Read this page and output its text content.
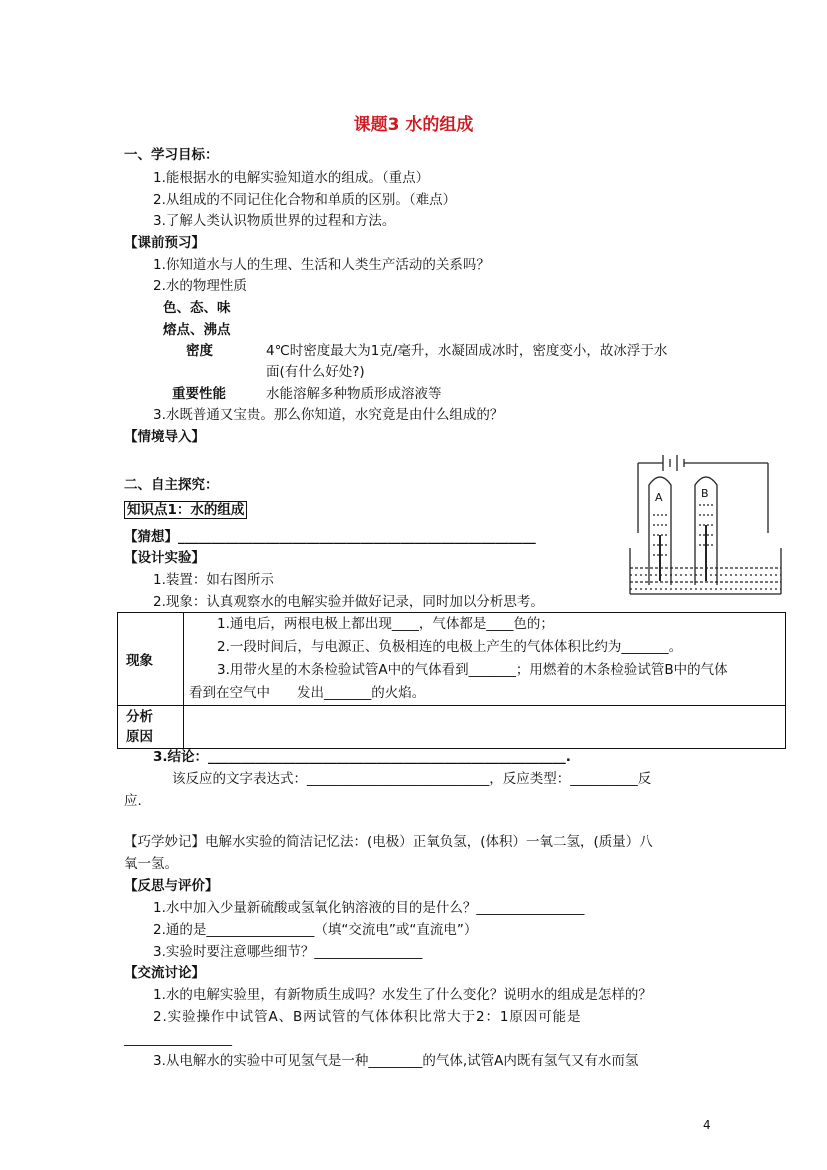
课题3 水的组成
一、学习目标：
1.能根据水的电解实验知道水的组成。（重点）
2.从组成的不同记住化合物和单质的区别。（难点）
3.了解人类认识物质世界的过程和方法。
【课前预习】
1.你知道水与人的生理、生活和人类生产活动的关系吗？
2.水的物理性质
色、态、味
熔点、沸点
密度	4℃时密度最大为1克/毫升，水凝固成冰时，密度变小，故冰浮于水
面(有什么好处?)
重要性能	水能溶解多种物质形成溶液等
3.水既普通又宝贵。那么你知道，水究竟是由什么组成的？
【情境导入】
A	B
二、自主探究：
知识点1：水的组成
【猜想】_____________________________________________________
【设计实验】
1.装置：如右图所示
2.现象：认真观察水的电解实验并做好记录，同时加以分析思考。
现象	1.通电后，两根电极上都出现____，气体都是____色的；
2.一段时间后，与电源正、负极相连的电极上产生的气体体积比约为_______。
3.用带火星的木条检验试管A中的气体看到_______；用燃着的木条检验试管B中的气体
看到在空气中　　发出_______的火焰。

分析
原因	

3.结论：_____________________________________________________.
该反应的文字表达式：___________________________，反应类型：__________反
应.
【巧学妙记】电解水实验的简洁记忆法：(电极）正氧负氢，(体积）一氧二氢，(质量）八
氧一氢。
【反思与评价】
1.水中加入少量新硫酸或氢氧化钠溶液的目的是什么？________________
2.通的是________________（填“交流电”或“直流电”）
3.实验时要注意哪些细节？________________
【交流讨论】
1.水的电解实验里，有新物质生成吗？水发生了什么变化？说明水的组成是怎样的？
2.实验操作中试管A、B两试管的气体体积比常大于2：1原因可能是
________________
3.从电解水的实验中可见氢气是一种________的气体,试管A内既有氢气又有水而氢
4
